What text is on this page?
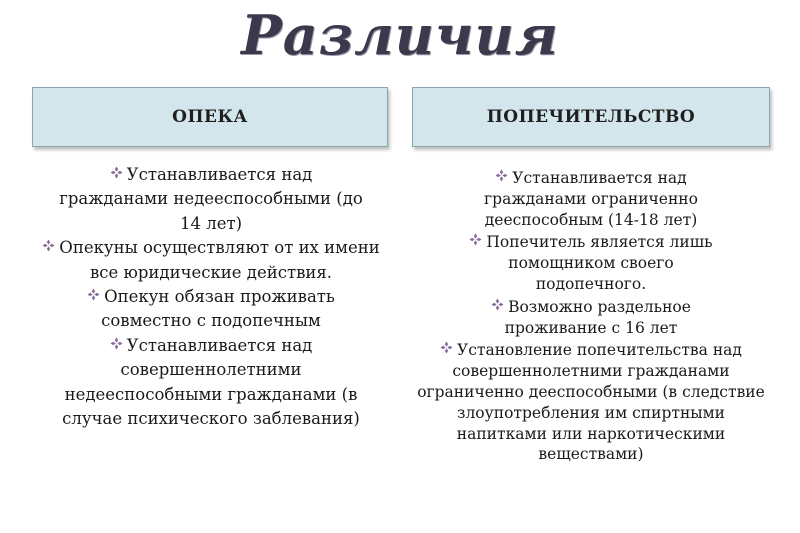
Различия
ОПЕКА	ПОПЕЧИТЕЛЬСТВО
Устанавливается над гражданами недееспособными (до 14 лет)
Опекуны осуществляют от их имени все юридические действия.
Опекун обязан проживать совместно с подопечным
Устанавливается над совершеннолетними недееспособными гражданами (в случае психического заблевания)
Устанавливается над гражданами ограниченно дееспособным (14-18 лет)
Попечитель является лишь помощником своего подопечного.
Возможно раздельное проживание с 16 лет
Установление попечительства над совершеннолетними гражданами ограниченно дееспособными (в следствие злоупотребления им спиртными напитками или наркотическими веществами)
